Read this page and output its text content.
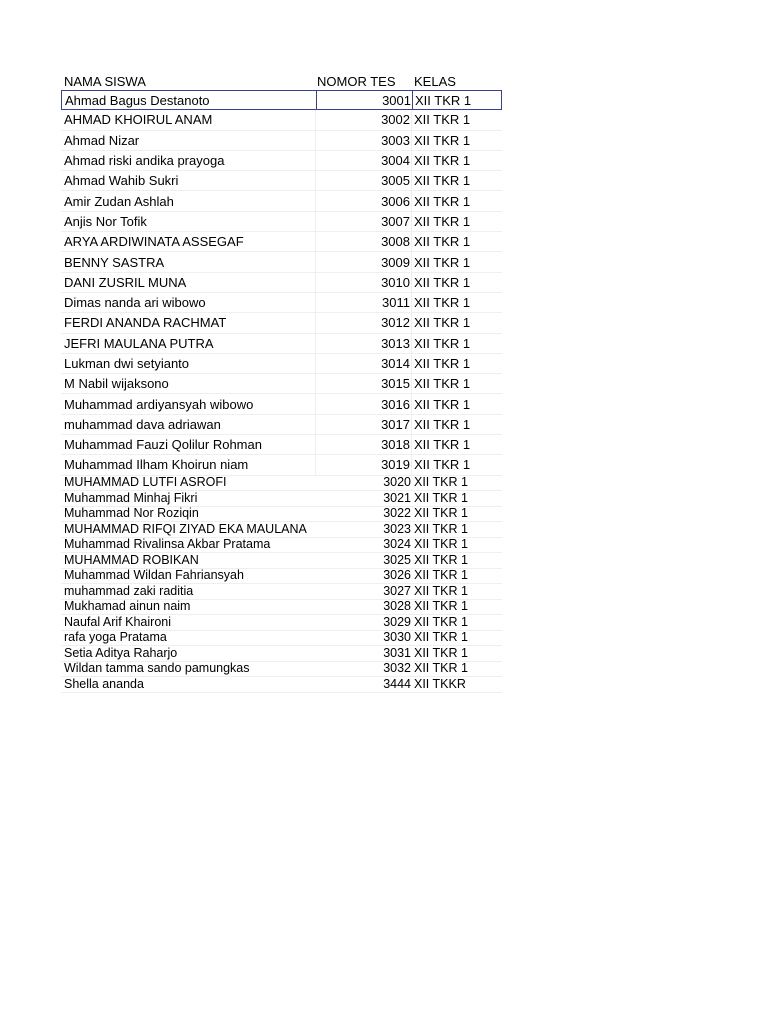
NAMA SISWA	NOMOR TES	KELAS
Ahmad Bagus Destanoto	3001 XII TKR 1
AHMAD KHOIRUL ANAM	3002 XII TKR 1
Ahmad Nizar	3003 XII TKR 1
Ahmad riski andika prayoga	3004 XII TKR 1
Ahmad Wahib Sukri	3005 XII TKR 1
Amir Zudan Ashlah	3006 XII TKR 1
Anjis Nor Tofik	3007 XII TKR 1
ARYA ARDIWINATA ASSEGAF	3008 XII TKR 1
BENNY SASTRA	3009 XII TKR 1
DANI ZUSRIL MUNA	3010 XII TKR 1
Dimas nanda ari wibowo	3011 XII TKR 1
FERDI ANANDA RACHMAT	3012 XII TKR 1
JEFRI MAULANA PUTRA	3013 XII TKR 1
Lukman dwi setyianto	3014 XII TKR 1
M Nabil wijaksono	3015 XII TKR 1
Muhammad ardiyansyah wibowo	3016 XII TKR 1
muhammad dava adriawan	3017 XII TKR 1
Muhammad Fauzi Qolilur Rohman	3018 XII TKR 1
Muhammad Ilham Khoirun niam	3019 XII TKR 1
MUHAMMAD LUTFI ASROFI	3020 XII TKR 1
Muhammad Minhaj Fikri	3021 XII TKR 1
Muhammad Nor Roziqin	3022 XII TKR 1
MUHAMMAD RIFQI ZIYAD EKA MAULANA	3023 XII TKR 1
Muhammad Rivalinsa Akbar Pratama	3024 XII TKR 1
MUHAMMAD ROBIKAN	3025 XII TKR 1
Muhammad Wildan Fahriansyah	3026 XII TKR 1
muhammad zaki raditia	3027 XII TKR 1
Mukhamad ainun naim	3028 XII TKR 1
Naufal Arif Khaironi	3029 XII TKR 1
rafa yoga Pratama	3030 XII TKR 1
Setia Aditya Raharjo	3031 XII TKR 1
Wildan tamma sando pamungkas	3032 XII TKR 1
Shella ananda	3444 XII TKKR
